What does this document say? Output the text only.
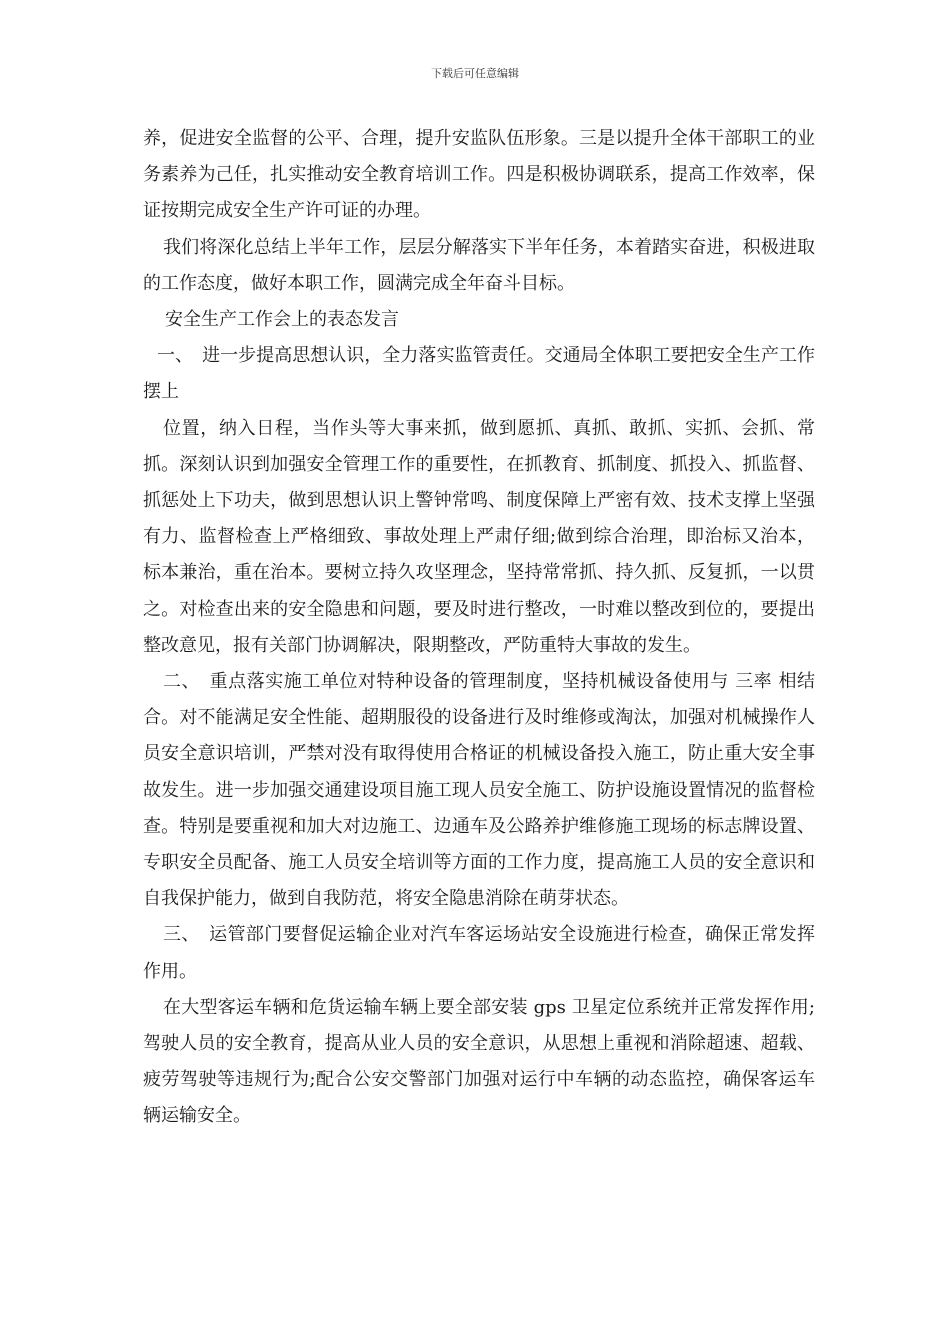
下载后可任意编辑

养，促进安全监督的公平、合理，提升安监队伍形象。三是以提升全体干部职工的业务素养为己任，扎实推动安全教育培训工作。四是积极协调联系，提高工作效率，保证按期完成安全生产许可证的办理。

我们将深化总结上半年工作，层层分解落实下半年任务，本着踏实奋进，积极进取的工作态度，做好本职工作，圆满完成全年奋斗目标。

安全生产工作会上的表态发言

一、　进一步提高思想认识，全力落实监管责任。交通局全体职工要把安全生产工作摆上

位置，纳入日程，当作头等大事来抓，做到愿抓、真抓、敢抓、实抓、会抓、常抓。深刻认识到加强安全管理工作的重要性，在抓教育、抓制度、抓投入、抓监督、抓惩处上下功夫，做到思想认识上警钟常鸣、制度保障上严密有效、技术支撑上坚强有力、监督检查上严格细致、事故处理上严肃仔细;做到综合治理，即治标又治本，标本兼治，重在治本。要树立持久攻坚理念，坚持常常抓、持久抓、反复抓，一以贯之。对检查出来的安全隐患和问题，要及时进行整改，一时难以整改到位的，要提出整改意见，报有关部门协调解决，限期整改，严防重特大事故的发生。

二、　重点落实施工单位对特种设备的管理制度，坚持机械设备使用与 三率 相结合。对不能满足安全性能、超期服役的设备进行及时维修或淘汰，加强对机械操作人员安全意识培训，严禁对没有取得使用合格证的机械设备投入施工，防止重大安全事故发生。进一步加强交通建设项目施工现人员安全施工、防护设施设置情况的监督检查。特别是要重视和加大对边施工、边通车及公路养护维修施工现场的标志牌设置、专职安全员配备、施工人员安全培训等方面的工作力度，提高施工人员的安全意识和自我保护能力，做到自我防范，将安全隐患消除在萌芽状态。

三、　运管部门要督促运输企业对汽车客运场站安全设施进行检查，确保正常发挥作用。

在大型客运车辆和危货运输车辆上要全部安装 gps 卫星定位系统并正常发挥作用;驾驶人员的安全教育，提高从业人员的安全意识，从思想上重视和消除超速、超载、疲劳驾驶等违规行为;配合公安交警部门加强对运行中车辆的动态监控，确保客运车辆运输安全。
